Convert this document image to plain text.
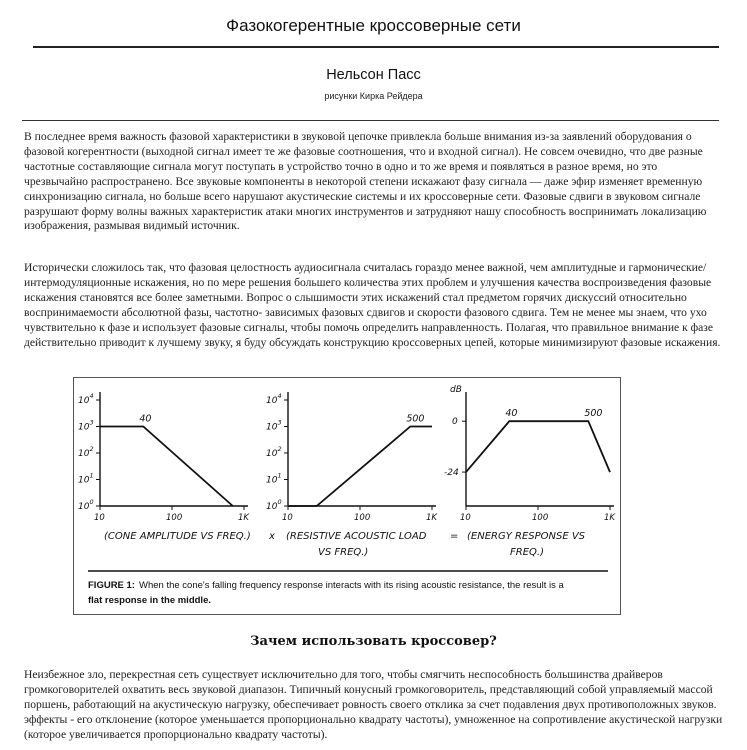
Фазокогерентные кроссоверные сети
Нельсон Пасс
рисунки Кирка Рейдера

В последнее время важность фазовой характеристики в звуковой цепочке привлекла больше внимания из-за заявлений оборудования о фазовой когерентности (выходной сигнал имеет те же фазовые соотношения, что и входной сигнал). Не совсем очевидно, что две разные частотные составляющие сигнала могут поступать в устройство точно в одно и то же время и появляться в разное время, но это чрезвычайно распространено. Все звуковые компоненты в некоторой степени искажают фазу сигнала — даже эфир изменяет временную синхронизацию сигнала, но больше всего нарушают акустические системы и их кроссоверные сети. Фазовые сдвиги в звуковом сигнале разрушают форму волны важных характеристик атаки многих инструментов и затрудняют нашу способность воспринимать локализацию изображения, размывая видимый источник.

Исторически сложилось так, что фазовая целостность аудиосигнала считалась гораздо менее важной, чем амплитудные и гармонические/ интермодуляционные искажения, но по мере решения большего количества этих проблем и улучшения качества воспроизведения фазовые искажения становятся все более заметными. Вопрос о слышимости этих искажений стал предметом горячих дискуссий относительно воспринимаемости абсолютной фазы, частотно- зависимых фазовых сдвигов и скорости фазового сдвига. Тем не менее мы знаем, что ухо чувствительно к фазе и использует фазовые сигналы, чтобы помочь определить направленность. Полагая, что правильное внимание к фазе действительно приводит к лучшему звуку, я буду обсуждать конструкцию кроссоверных цепей, которые минимизируют фазовые искажения.

10	100	1K
$10^0$
$10^1$
$10^2$
$10^3$
$10^4$
40
10	100	1K
$10^0$
$10^1$
$10^2$
$10^3$
$10^4$
500
10	100	1K
0
-24
dB
40	500
(CONE AMPLITUDE VS FREQ.) x (RESISTIVE ACOUSTIC LOAD
VS FREQ.)
= (ENERGY RESPONSE VS
FREQ.)
FIGURE 1: When the cone's falling frequency response interacts with its rising acoustic resistance, the result is a
flat response in the middle.
Зачем использовать кроссовер?

Неизбежное зло, перекрестная сеть существует исключительно для того, чтобы смягчить неспособность большинства драйверов громкоговорителей охватить весь звуковой диапазон. Типичный конусный громкоговоритель, представляющий собой управляемый массой поршень, работающий на акустическую нагрузку, обеспечивает ровность своего отклика за счет подавления двух противоположных звуков. эффекты - его отклонение (которое уменьшается пропорционально квадрату частоты), умноженное на сопротивление акустической нагрузки (которое увеличивается пропорционально квадрату частоты).
